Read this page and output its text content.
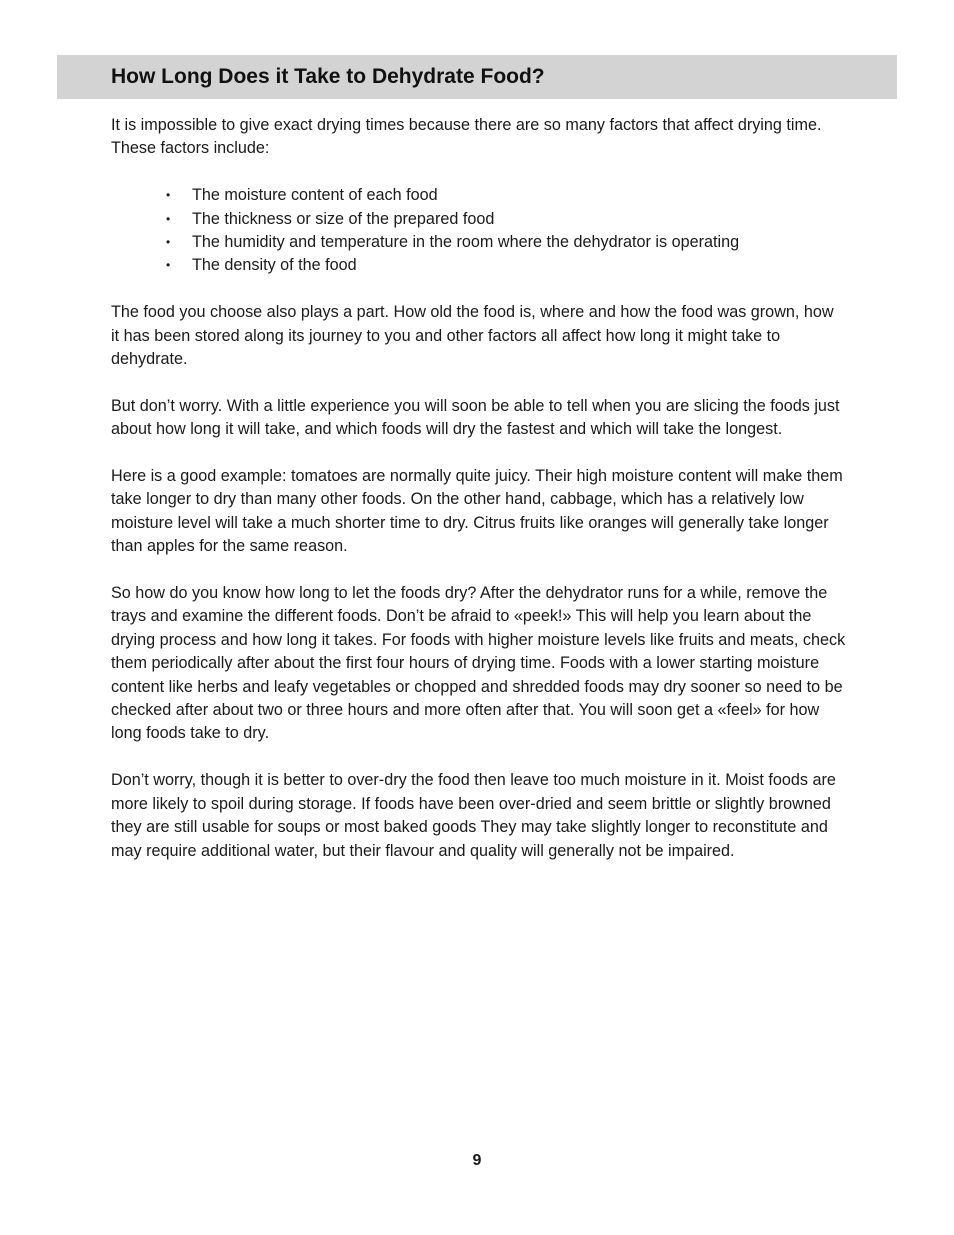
How Long Does it Take to Dehydrate Food?

It is impossible to give exact drying times because there are so many factors that affect drying time. These factors include:

• The moisture content of each food
• The thickness or size of the prepared food
• The humidity and temperature in the room where the dehydrator is operating
• The density of the food

The food you choose also plays a part. How old the food is, where and how the food was grown, how it has been stored along its journey to you and other factors all affect how long it might take to dehydrate.

But don’t worry. With a little experience you will soon be able to tell when you are slicing the foods just about how long it will take, and which foods will dry the fastest and which will take the longest.

Here is a good example: tomatoes are normally quite juicy. Their high moisture content will make them take longer to dry than many other foods. On the other hand, cabbage, which has a relatively low moisture level will take a much shorter time to dry. Citrus fruits like oranges will generally take longer than apples for the same reason.

So how do you know how long to let the foods dry? After the dehydrator runs for a while, remove the trays and examine the different foods. Don’t be afraid to «peek!» This will help you learn about the drying process and how long it takes. For foods with higher moisture levels like fruits and meats, check them periodically after about the first four hours of drying time. Foods with a lower starting moisture content like herbs and leafy vegetables or chopped and shredded foods may dry sooner so need to be checked after about two or three hours and more often after that. You will soon get a «feel» for how long foods take to dry.

Don’t worry, though it is better to over-dry the food then leave too much moisture in it. Moist foods are more likely to spoil during storage. If foods have been over-dried and seem brittle or slightly browned they are still usable for soups or most baked goods They may take slightly longer to reconstitute and may require additional water, but their flavour and quality will generally not be impaired.

9
